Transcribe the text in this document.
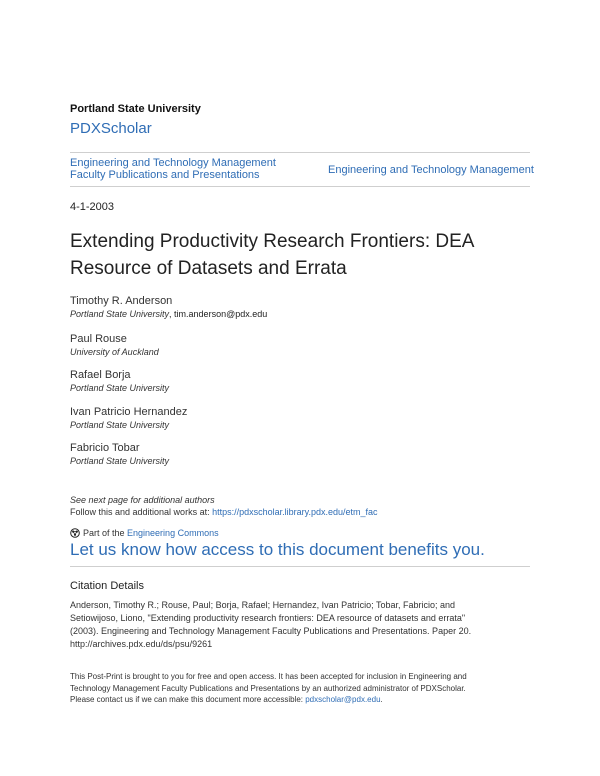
Portland State University
PDXScholar
Engineering and Technology Management
Faculty Publications and Presentations	Engineering and Technology Management
4-1-2003
Extending Productivity Research Frontiers: DEA
Resource of Datasets and Errata
Timothy R. Anderson
Portland State University, tim.anderson@pdx.edu
Paul Rouse
University of Auckland
Rafael Borja
Portland State University
Ivan Patricio Hernandez
Portland State University
Fabricio Tobar
Portland State University
See next page for additional authors
Follow this and additional works at: https://pdxscholar.library.pdx.edu/etm_fac
Part of the Engineering Commons
Let us know how access to this document benefits you.
Citation Details
Anderson, Timothy R.; Rouse, Paul; Borja, Rafael; Hernandez, Ivan Patricio; Tobar, Fabricio; and
Setiowijoso, Liono, "Extending productivity research frontiers: DEA resource of datasets and errata"
(2003). Engineering and Technology Management Faculty Publications and Presentations. Paper 20.
http://archives.pdx.edu/ds/psu/9261
This Post-Print is brought to you for free and open access. It has been accepted for inclusion in Engineering and
Technology Management Faculty Publications and Presentations by an authorized administrator of PDXScholar.
Please contact us if we can make this document more accessible: pdxscholar@pdx.edu.
